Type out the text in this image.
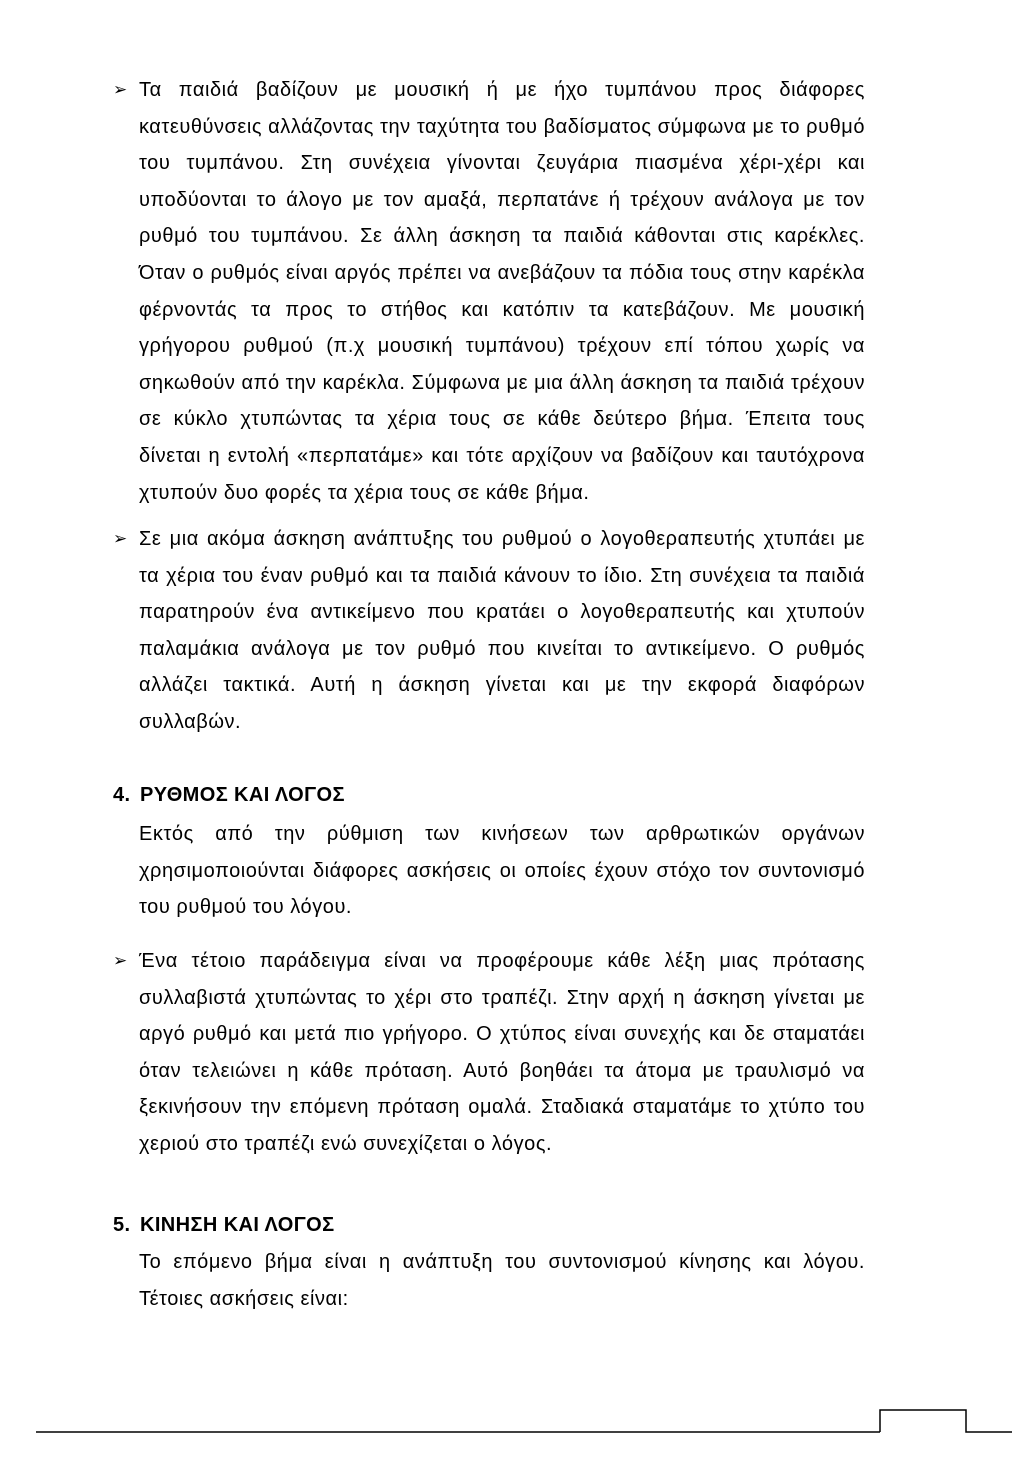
➢ Τα παιδιά βαδίζουν με μουσική ή με ήχο τυμπάνου προς διάφορες κατευθύνσεις αλλάζοντας την ταχύτητα του βαδίσματος σύμφωνα με το ρυθμό του τυμπάνου. Στη συνέχεια γίνονται ζευγάρια πιασμένα χέρι-χέρι και υποδύονται το άλογο με τον αμαξά, περπατάνε ή τρέχουν ανάλογα με τον ρυθμό του τυμπάνου. Σε άλλη άσκηση τα παιδιά κάθονται στις καρέκλες. Όταν ο ρυθμός είναι αργός πρέπει να ανεβάζουν τα πόδια τους στην καρέκλα φέρνοντάς τα προς το στήθος και κατόπιν τα κατεβάζουν. Με μουσική γρήγορου ρυθμού (π.χ μουσική τυμπάνου) τρέχουν επί τόπου χωρίς να σηκωθούν από την καρέκλα. Σύμφωνα με μια άλλη άσκηση τα παιδιά τρέχουν σε κύκλο χτυπώντας τα χέρια τους σε κάθε δεύτερο βήμα. Έπειτα τους δίνεται η εντολή «περπατάμε» και τότε αρχίζουν να βαδίζουν και ταυτόχρονα χτυπούν δυο φορές τα χέρια τους σε κάθε βήμα.
➢ Σε μια ακόμα άσκηση ανάπτυξης του ρυθμού ο λογοθεραπευτής χτυπάει με τα χέρια του έναν ρυθμό και τα παιδιά κάνουν το ίδιο. Στη συνέχεια τα παιδιά παρατηρούν ένα αντικείμενο που κρατάει ο λογοθεραπευτής και χτυπούν παλαμάκια ανάλογα με τον ρυθμό που κινείται το αντικείμενο. Ο ρυθμός αλλάζει τακτικά. Αυτή η άσκηση γίνεται και με την εκφορά διαφόρων συλλαβών.
4. ΡΥΘΜΟΣ ΚΑΙ ΛΟΓΟΣ
Εκτός από την ρύθμιση των κινήσεων των αρθρωτικών οργάνων χρησιμοποιούνται διάφορες ασκήσεις οι οποίες έχουν στόχο τον συντονισμό του ρυθμού του λόγου.
➢ Ένα τέτοιο παράδειγμα είναι να προφέρουμε κάθε λέξη μιας πρότασης συλλαβιστά χτυπώντας το χέρι στο τραπέζι. Στην αρχή η άσκηση γίνεται με αργό ρυθμό και μετά πιο γρήγορο. Ο χτύπος είναι συνεχής και δε σταματάει όταν τελειώνει η κάθε πρόταση. Αυτό βοηθάει τα άτομα με τραυλισμό να ξεκινήσουν την επόμενη πρόταση ομαλά. Σταδιακά σταματάμε το χτύπο του χεριού στο τραπέζι ενώ συνεχίζεται ο λόγος.
5. ΚΙΝΗΣΗ ΚΑΙ ΛΟΓΟΣ
Το επόμενο βήμα είναι η ανάπτυξη του συντονισμού κίνησης και λόγου. Τέτοιες ασκήσεις είναι:
